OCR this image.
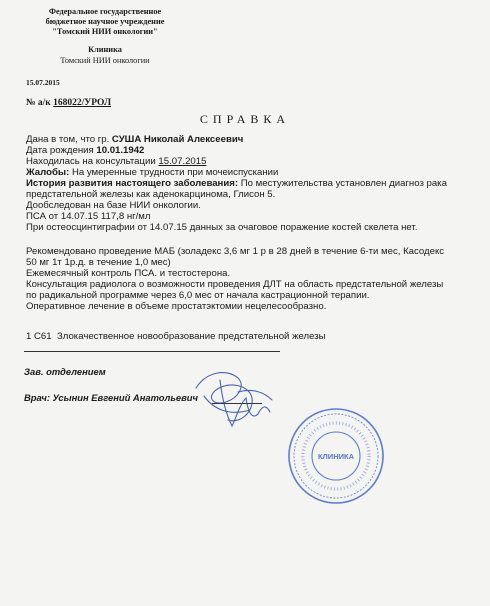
Федеральное государственное
бюджетное научное учреждение
"Томский НИИ онкологии"
Клиника
Томский НИИ онкологии
15.07.2015
№ а/к 168022/УРОЛ
СПРАВКА
Дана в том, что гр. СУША Николай Алексеевич
Дата рождения 10.01.1942
Находилась на консультации 15.07.2015
Жалобы: На умеренные трудности при мочеиспускании
История развития настоящего заболевания: По местужительства установлен диагноз рака
предстательной железы как аденокарцинома, Глисон 5.
Дообследован на базе НИИ онкологии.
ПСА от 14.07.15 117,8 нг/мл
При остеосцинтиграфии от 14.07.15 данных за очаговое поражение костей скелета нет.
Рекомендовано проведение МАБ (золадекс 3,6 мг 1 р в 28 дней в течение 6-ти мес, Касодекс
50 мг 1т 1р.д. в течение 1,0 мес)
Ежемесячный контроль ПСА. и тестостерона.
Консультация радиолога о возможности проведения ДЛТ на область предстательной железы
по радикальной программе через 6,0 мес от начала кастрационной терапии.
Оперативное лечение в объеме простатэктомии нецелесообразно.
1 C61 Злокачественное новообразование предстательной железы
Зав. отделением
Врач: Усынин Евгений Анатольевич
КЛИНИКА
